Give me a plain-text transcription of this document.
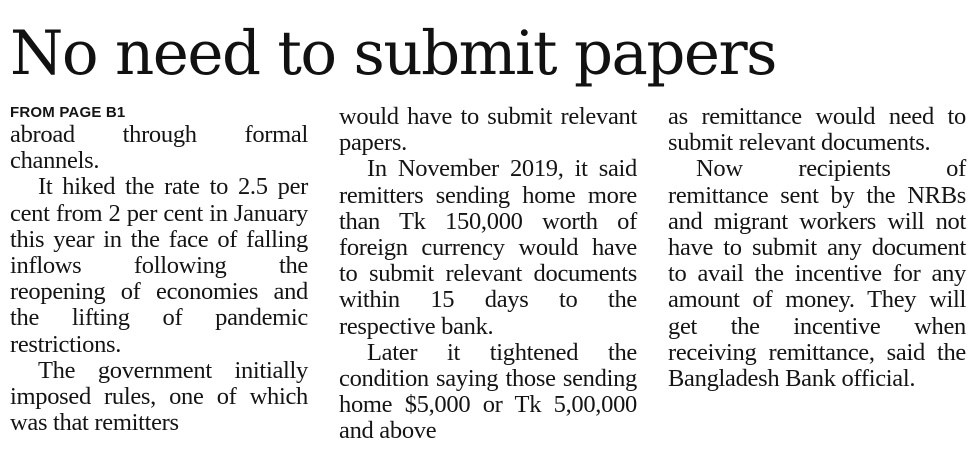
No need to submit papers
FROM PAGE B1

abroad through formal channels.

It hiked the rate to 2.5 per cent from 2 per cent in January this year in the face of falling inflows following the reopening of economies and the lifting of pandemic restrictions.

The government initially imposed rules, one of which was that remitters

would have to submit relevant papers.

In November 2019, it said remitters sending home more than Tk 150,000 worth of foreign currency would have to submit relevant documents within 15 days to the respective bank.

Later it tightened the condition saying those sending home $5,000 or Tk 5,00,000 and above

as remittance would need to submit relevant documents.

Now recipients of remittance sent by the NRBs and migrant workers will not have to submit any document to avail the incentive for any amount of money. They will get the incentive when receiving remittance, said the Bangladesh Bank official.
